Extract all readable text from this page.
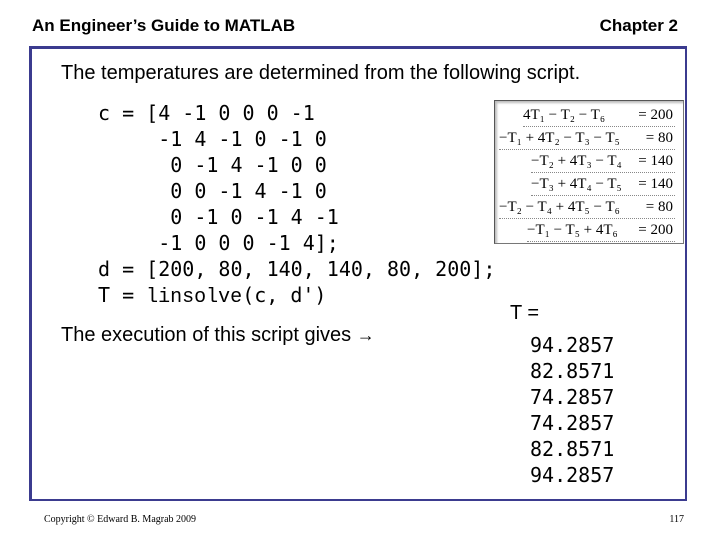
An Engineer’s Guide to MATLAB	Chapter 2
The temperatures are determined from the following script.
c = [4 -1 0 0 0 -1
-1 4 -1 0 -1 0
0 -1 4 -1 0 0
0 0 -1 4 -1 0
0 -1 0 -1 4 -1
-1 0 0 0 -1 4];
d = [200, 80, 140, 140, 80, 200];
T = linsolve(c, d')
4T₁ − T₂ − T₆ = 200
−T₁ + 4T₂ − T₃ − T₅ = 80
−T₂ + 4T₃ − T₄ = 140
−T₃ + 4T₄ − T₅ = 140
−T₂ − T₄ + 4T₅ − T₆ = 80
−T₁ − T₅ + 4T₆ = 200
The execution of this script gives →
T =
94.2857
82.8571
74.2857
74.2857
82.8571
94.2857
Copyright © Edward B. Magrab 2009	117
